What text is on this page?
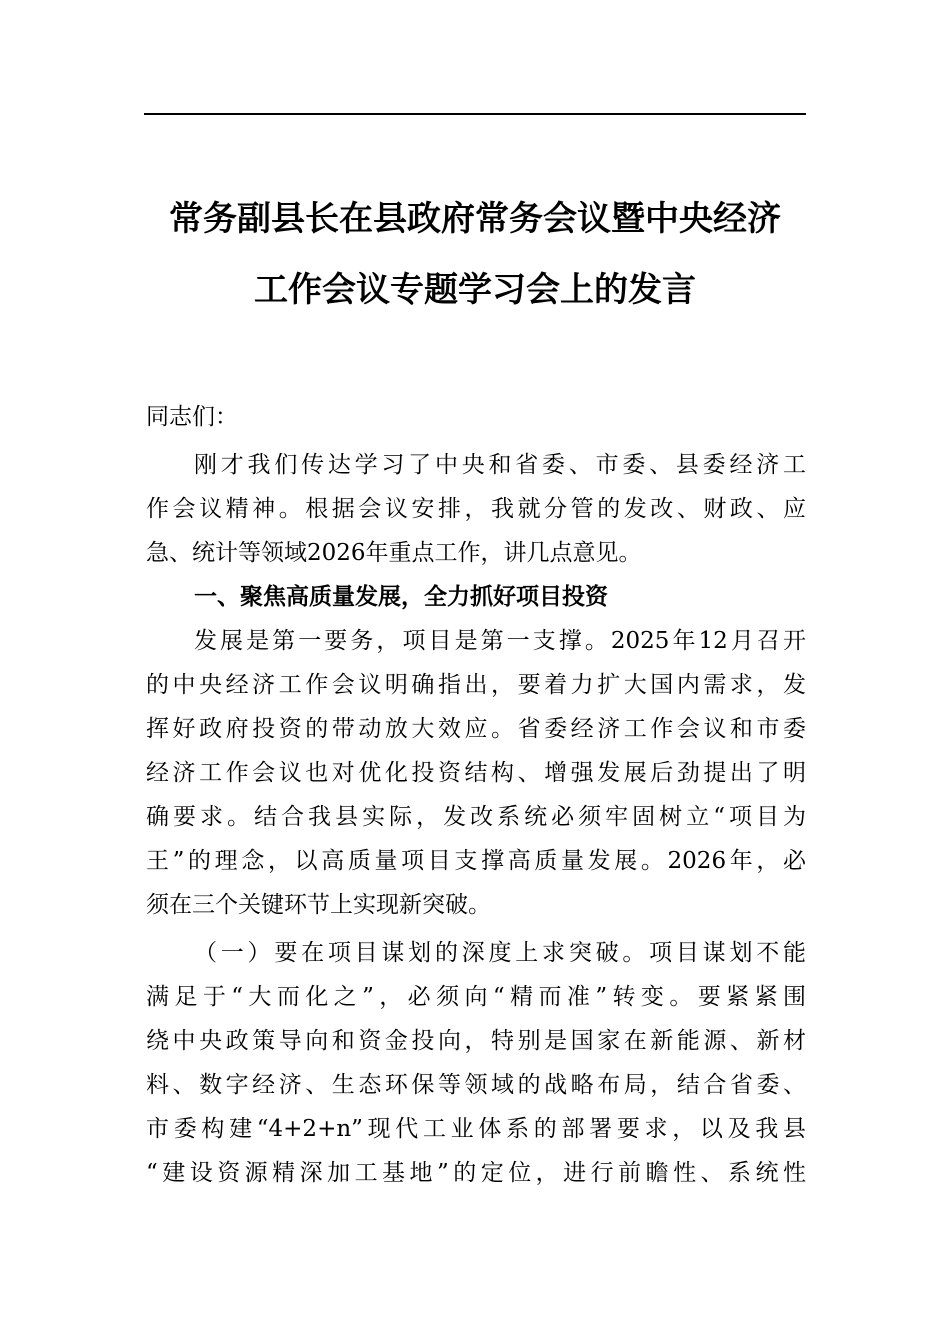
常务副县长在县政府常务会议暨中央经济
工作会议专题学习会上的发言
同志们：
刚才我们传达学习了中央和省委、市委、县委经济工
作会议精神。根据会议安排，我就分管的发改、财政、应
急、统计等领域2026年重点工作，讲几点意见。
一、聚焦高质量发展，全力抓好项目投资
发展是第一要务，项目是第一支撑。2025年12月召开
的中央经济工作会议明确指出，要着力扩大国内需求，发
挥好政府投资的带动放大效应。省委经济工作会议和市委
经济工作会议也对优化投资结构、增强发展后劲提出了明
确要求。结合我县实际，发改系统必须牢固树立“项目为
王”的理念，以高质量项目支撑高质量发展。2026年，必
须在三个关键环节上实现新突破。
（一）要在项目谋划的深度上求突破。项目谋划不能
满足于“大而化之”，必须向“精而准”转变。要紧紧围
绕中央政策导向和资金投向，特别是国家在新能源、新材
料、数字经济、生态环保等领域的战略布局，结合省委、
市委构建“4+2+n”现代工业体系的部署要求，以及我县
“建设资源精深加工基地”的定位，进行前瞻性、系统性
